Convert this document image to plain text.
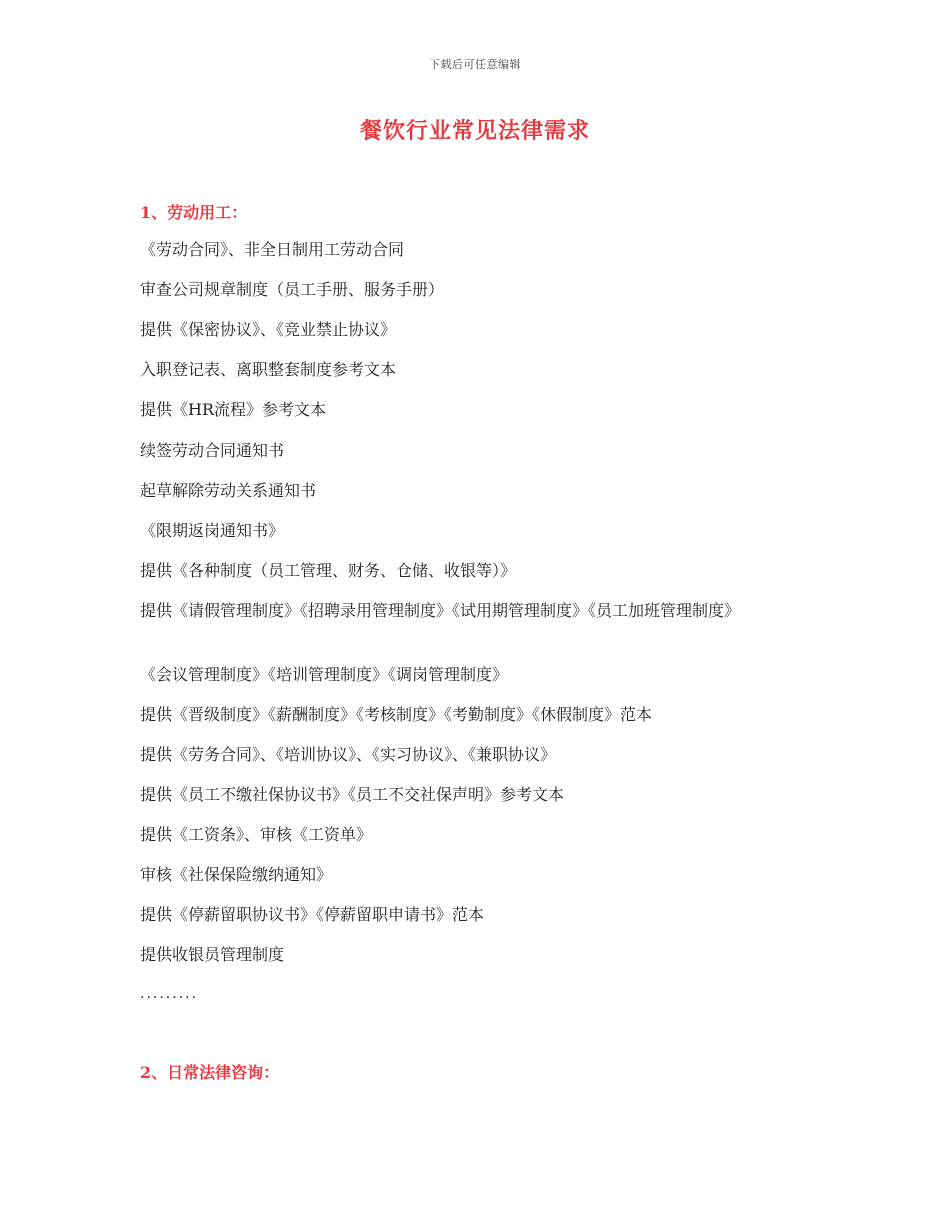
下载后可任意编辑
餐饮行业常见法律需求
1、劳动用工：
《劳动合同》、非全日制用工劳动合同
审查公司规章制度（员工手册、服务手册）
提供《保密协议》、《竞业禁止协议》
入职登记表、离职整套制度参考文本
提供《HR流程》参考文本
续签劳动合同通知书
起草解除劳动关系通知书
《限期返岗通知书》
提供《各种制度（员工管理、财务、仓储、收银等）》
提供《请假管理制度》《招聘录用管理制度》《试用期管理制度》《员工加班管理制度》
《会议管理制度》《培训管理制度》《调岗管理制度》
提供《晋级制度》《薪酬制度》《考核制度》《考勤制度》《休假制度》范本
提供《劳务合同》、《培训协议》、《实习协议》、《兼职协议》
提供《员工不缴社保协议书》《员工不交社保声明》参考文本
提供《工资条》、审核《工资单》
审核《社保保险缴纳通知》
提供《停薪留职协议书》《停薪留职申请书》范本
提供收银员管理制度
.........
2、日常法律咨询：
